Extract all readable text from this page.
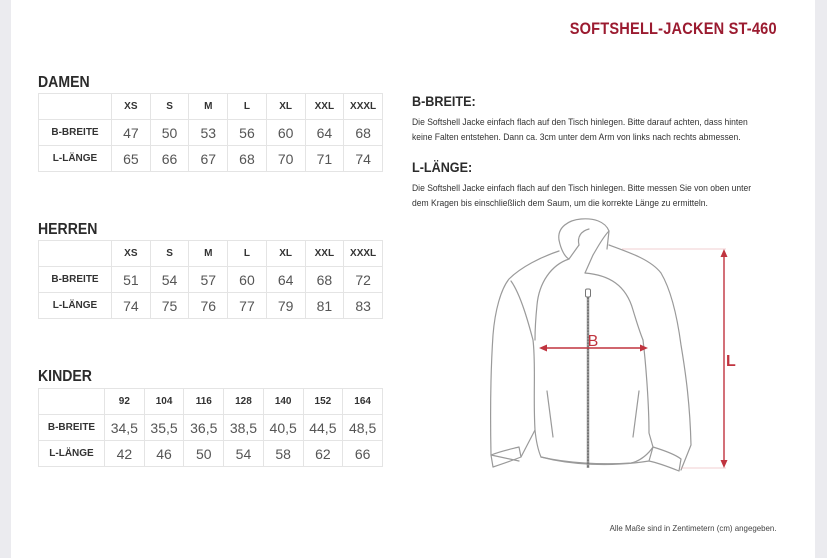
SOFTSHELL-JACKEN ST-460
DAMEN
	XS	S	M	L	XL	XXL	XXXL
B-BREITE	47	50	53	56	60	64	68
L-LÄNGE	65	66	67	68	70	71	74
HERREN
	XS	S	M	L	XL	XXL	XXXL
B-BREITE	51	54	57	60	64	68	72
L-LÄNGE	74	75	76	77	79	81	83
KINDER
	92	104	116	128	140	152	164
B-BREITE	34,5	35,5	36,5	38,5	40,5	44,5	48,5
L-LÄNGE	42	46	50	54	58	62	66
B-BREITE:
Die Softshell Jacke einfach flach auf den Tisch hinlegen. Bitte darauf achten, dass hinten keine Falten entstehen. Dann ca. 3cm unter dem Arm von links nach rechts abmessen.
L-LÄNGE:
Die Softshell Jacke einfach flach auf den Tisch hinlegen. Bitte messen Sie von oben unter dem Kragen bis einschließlich dem Saum, um die korrekte Länge zu ermitteln.
B
L
Alle Maße sind in Zentimetern (cm) angegeben.
